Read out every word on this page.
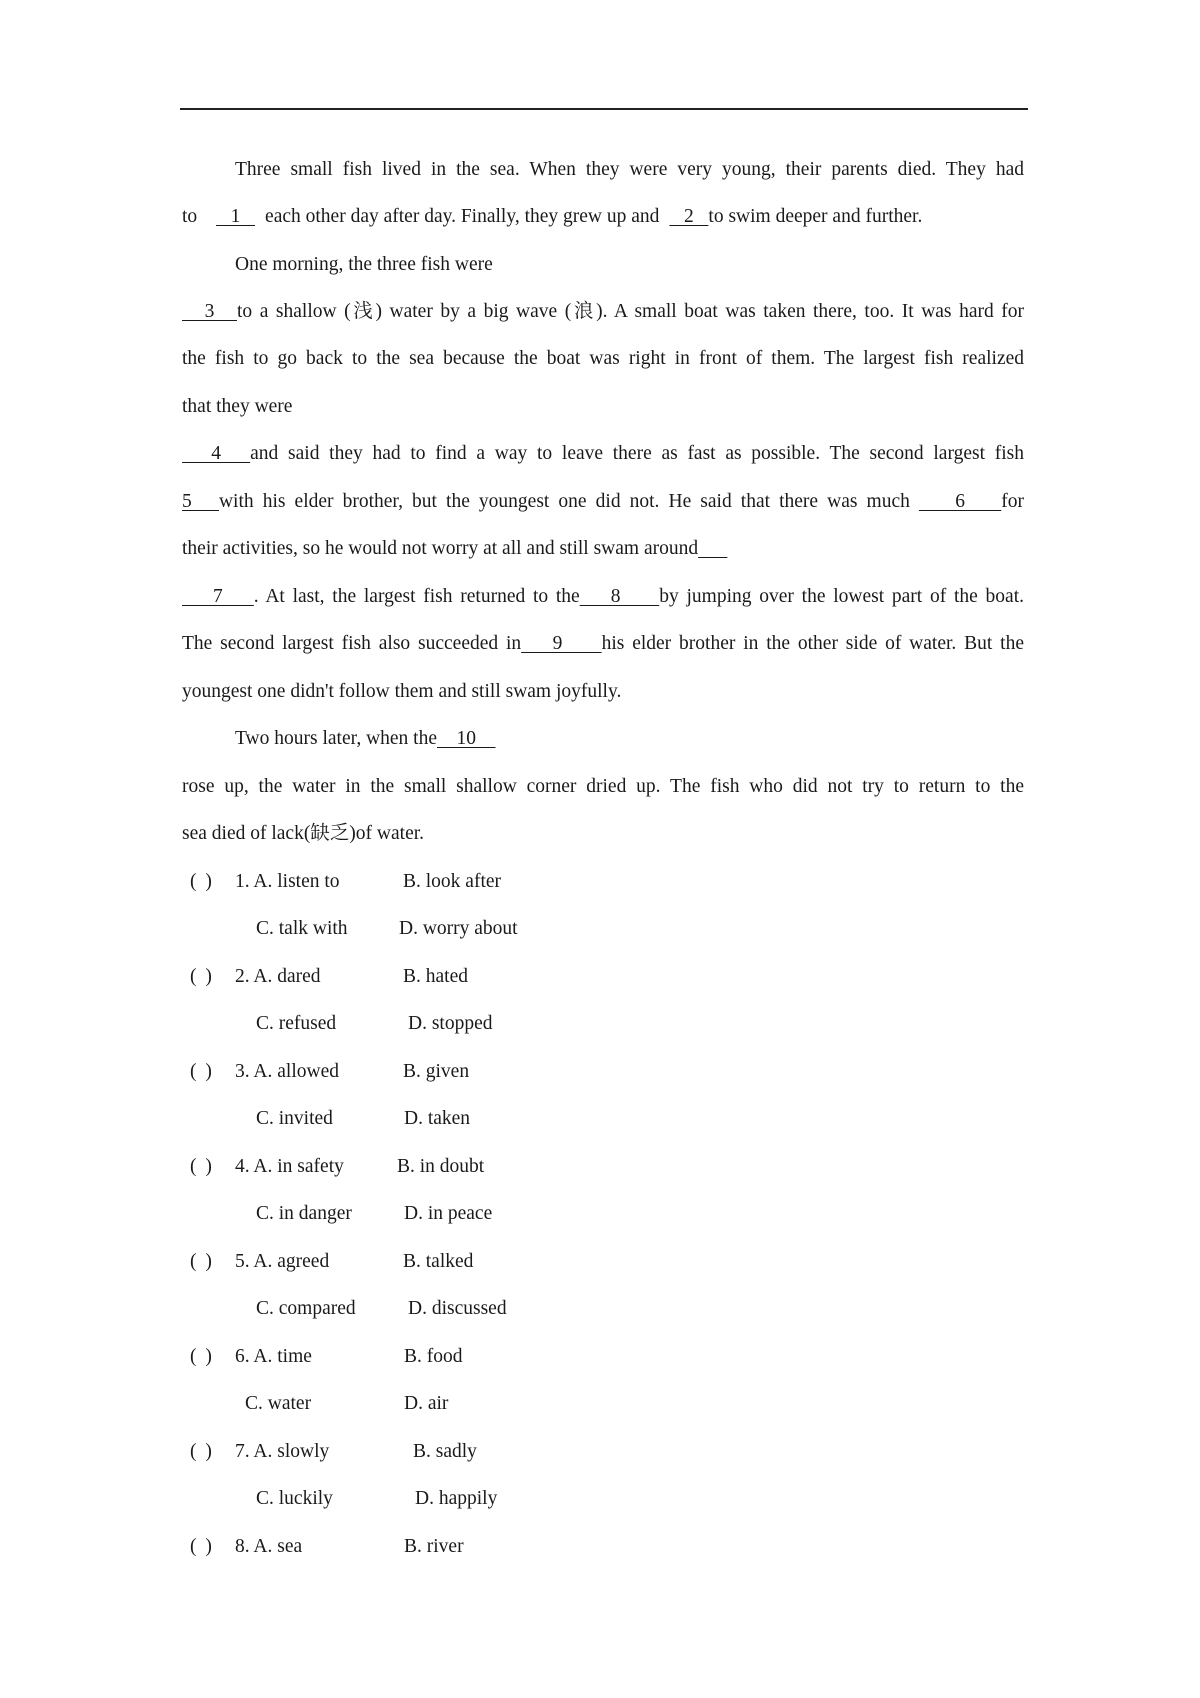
Three small fish lived in the sea. When they were very young, their parents died. They had
to    1   each other day after day. Finally, they grew up and   2   to swim deeper and further.
One morning, the three fish were
3   to a shallow (浅) water by a big wave (浪). A small boat was taken there, too. It was hard for
the fish to go back to the sea because the boat was right in front of them. The largest fish realized
that they were
4   and said they had to find a way to leave there as fast as possible. The second largest fish
5   with his elder brother, but the youngest one did not. He said that there was much     6    for
their activities, so he would not worry at all and still swam around
7    . At last, the largest fish returned to the    8     by jumping over the lowest part of the boat.
The second largest fish also succeeded in    9     his elder brother in the other side of water. But the
youngest one didn't follow them and still swam joyfully.
Two hours later, when the    10
rose up, the water in the small shallow corner dried up. The fish who did not try to return to the
sea died of lack(缺乏)of water.
( ) 1. A. listen to	B. look after
C. talk with	D. worry about
( ) 2. A. dared	B. hated
C. refused	D. stopped
( ) 3. A. allowed	B. given
C. invited	D. taken
( ) 4. A. in safety	B. in doubt
C. in danger	D. in peace
( ) 5. A. agreed	B. talked
C. compared	D. discussed
( ) 6. A. time	B. food
C. water	D. air
( ) 7. A. slowly	B. sadly
C. luckily	D. happily
( ) 8. A. sea	B. river
